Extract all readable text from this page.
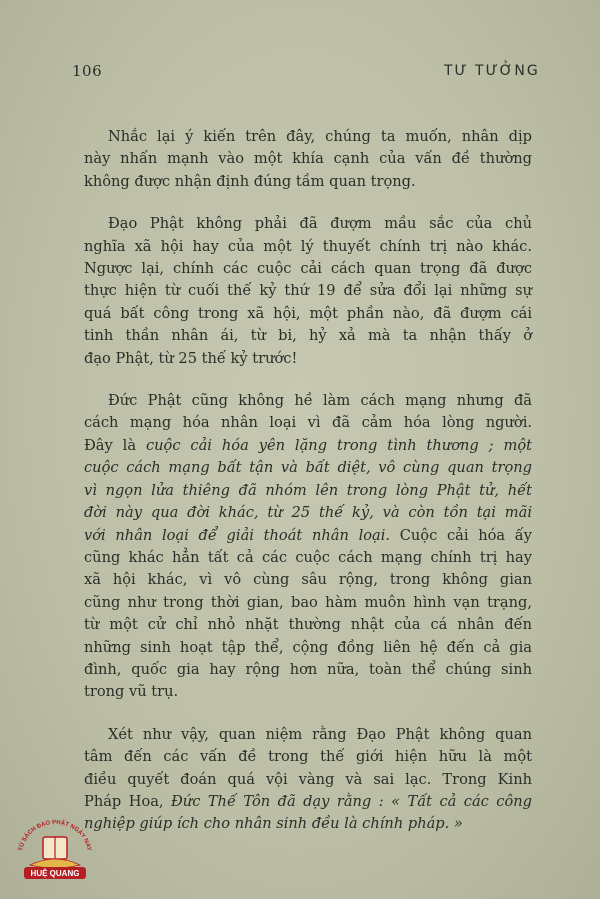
106	TƯ TƯỞNG
Nhắc lại ý kiến trên đây, chúng ta muốn, nhân dịp
này nhấn mạnh vào một khía cạnh của vấn đề thường
không được nhận định đúng tầm quan trọng.
Đạo Phật không phải đã đượm mầu sắc của chủ
nghĩa xã hội hay của một lý thuyết chính trị nào khác.
Ngược lại, chính các cuộc cải cách quan trọng đã được
thực hiện từ cuối thế kỷ thứ 19 để sửa đổi lại những sự
quá bất công trong xã hội, một phần nào, đã đượm cái
tinh thần nhân ái, từ bi, hỷ xả mà ta nhận thấy ở
đạo Phật, từ 25 thế kỷ trước!
Đức Phật cũng không hề làm cách mạng nhưng đã
cách mạng hóa nhân loại vì đã cảm hóa lòng người.
Đây là cuộc cải hóa yên lặng trong tình thương ; một
cuộc cách mạng bất tận và bất diệt, vô cùng quan trọng
vì ngọn lửa thiêng đã nhóm lên trong lòng Phật tử, hết
đời này qua đời khác, từ 25 thế kỷ, và còn tồn tại mãi
với nhân loại để giải thoát nhân loại. Cuộc cải hóa ấy
cũng khác hẳn tất cả các cuộc cách mạng chính trị hay
xã hội khác, vì vô cùng sâu rộng, trong không gian
cũng như trong thời gian, bao hàm muôn hình vạn trạng,
từ một cử chỉ nhỏ nhặt thường nhật của cá nhân đến
những sinh hoạt tập thể, cộng đồng liên hệ đến cả gia
đình, quốc gia hay rộng hơn nữa, toàn thể chúng sinh
trong vũ trụ.
Xét như vậy, quan niệm rằng Đạo Phật không quan
tâm đến các vấn đề trong thế giới hiện hữu là một
điều quyết đoán quá vội vàng và sai lạc. Trong Kinh
Pháp Hoa, Đức Thế Tôn đã dạy rằng : « Tất cả các công
nghiệp giúp ích cho nhân sinh đều là chính pháp. »
TỦ SÁCH ĐẠO PHẬT NGÀY NAY
HUỆ QUANG
